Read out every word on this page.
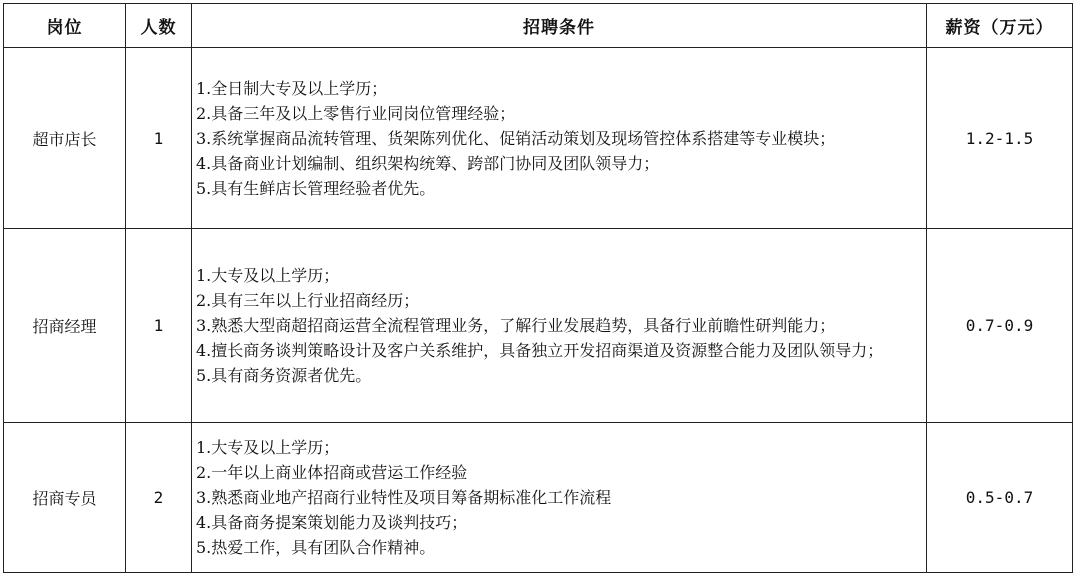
岗位	人数	招聘条件	薪资（万元）
超市店长	1	1.全日制大专及以上学历；
2.具备三年及以上零售行业同岗位管理经验；
3.系统掌握商品流转管理、货架陈列优化、促销活动策划及现场管控体系搭建等专业模块；
4.具备商业计划编制、组织架构统筹、跨部门协同及团队领导力；
5.具有生鲜店长管理经验者优先。	1.2-1.5
招商经理	1	1.大专及以上学历；
2.具有三年以上行业招商经历；
3.熟悉大型商超招商运营全流程管理业务，了解行业发展趋势，具备行业前瞻性研判能力；
4.擅长商务谈判策略设计及客户关系维护，具备独立开发招商渠道及资源整合能力及团队领导力；
5.具有商务资源者优先。	0.7-0.9
招商专员	2	1.大专及以上学历；
2.一年以上商业体招商或营运工作经验
3.熟悉商业地产招商行业特性及项目筹备期标准化工作流程
4.具备商务提案策划能力及谈判技巧；
5.热爱工作，具有团队合作精神。	0.5-0.7
